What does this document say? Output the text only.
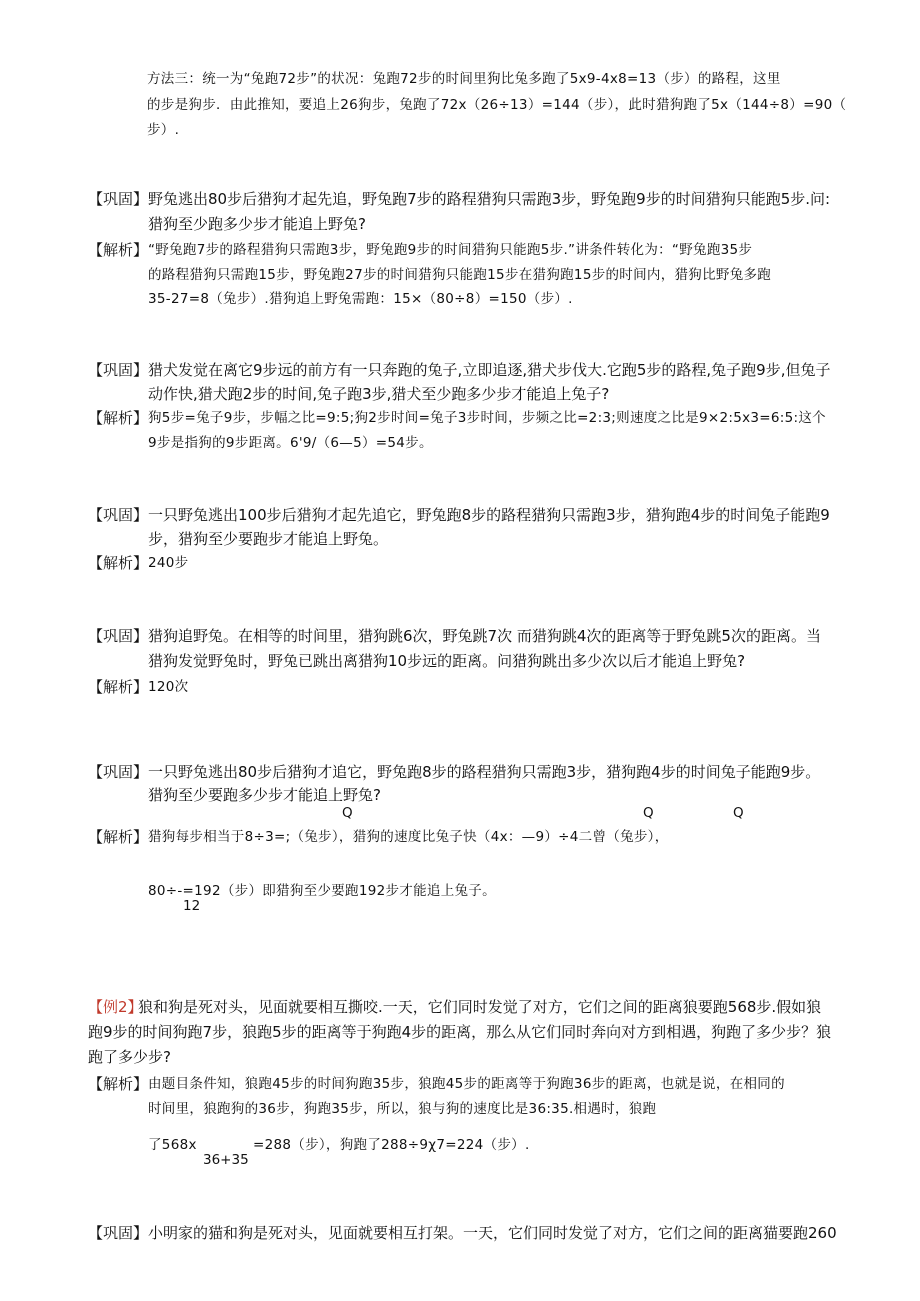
方法三：统一为“兔跑72步”的状况：兔跑72步的时间里狗比兔多跑了5x9-4x8=13（步）的路程，这里
的步是狗步．由此推知，要追上26狗步，兔跑了72x（26÷13）=144（步），此时猎狗跑了5x（144÷8）=90（
步）.
【巩固】 野兔逃出80步后猎狗才起先追，野兔跑7步的路程猎狗只需跑3步，野兔跑9步的时间猎狗只能跑5步.问:
猎狗至少跑多少步才能追上野兔?
【解析】 “野兔跑7步的路程猎狗只需跑3步，野兔跑9步的时间猎狗只能跑5步.”讲条件转化为：“野兔跑35步
的路程猎狗只需跑15步，野兔跑27步的时间猎狗只能跑15步在猎狗跑15步的时间内，猎狗比野兔多跑
35-27=8（兔步）.猎狗追上野兔需跑：15×（80÷8）=150（步）.
【巩固】 猎犬发觉在离它9步远的前方有一只奔跑的兔子,立即追逐,猎犬步伐大.它跑5步的路程,兔子跑9步,但兔子
动作快,猎犬跑2步的时间,兔子跑3步,猎犬至少跑多少步才能追上兔子?
【解析】 狗5步=兔子9步，步幅之比=9:5;狗2步时间=兔子3步时间，步频之比=2:3;则速度之比是9×2:5x3=6:5:这个
9步是指狗的9步距离。6'9/（6—5）=54步。
【巩固】 一只野兔逃出100步后猎狗才起先追它，野兔跑8步的路程猎狗只需跑3步，猎狗跑4步的时间兔子能跑9
步，猎狗至少要跑步才能追上野兔。
【解析】 240步
【巩固】 猎狗追野兔。在相等的时间里，猎狗跳6次，野兔跳7次 而猎狗跳4次的距离等于野兔跳5次的距离。当
猎狗发觉野兔时，野兔已跳出离猎狗10步远的距离。问猎狗跳出多少次以后才能追上野兔?
【解析】 120次
【巩固】 一只野兔逃出80步后猎狗才追它，野兔跑8步的路程猎狗只需跑3步，猎狗跑4步的时间兔子能跑9步。
猎狗至少要跑多少步才能追上野兔?
Q	Q	Q
【解析】 猎狗每步相当于8÷3=;（兔步），猎狗的速度比兔子快（4x：—9）÷4二曾（兔步），
80÷-=192（步）即猎狗至少要跑192步才能追上兔子。
12
【例2】
狼和狗是死对头，见面就要相互撕咬.一天，它们同时发觉了对方，它们之间的距离狼要跑568步.假如狼
跑9步的时间狗跑7步，狼跑5步的距离等于狗跑4步的距离，那么从它们同时奔向对方到相遇，狗跑了多少步？狼
跑了多少步?
【解析】 由题目条件知，狼跑45步的时间狗跑35步，狼跑45步的距离等于狗跑36步的距离，也就是说，在相同的
时间里，狼跑狗的36步，狗跑35步，所以，狼与狗的速度比是36:35.相遇时，狼跑
了568x	=288（步），狗跑了288÷9χ7=224（步）.
36+35
【巩固】 小明家的猫和狗是死对头，见面就要相互打架。一天，它们同时发觉了对方，它们之间的距离猫要跑260
